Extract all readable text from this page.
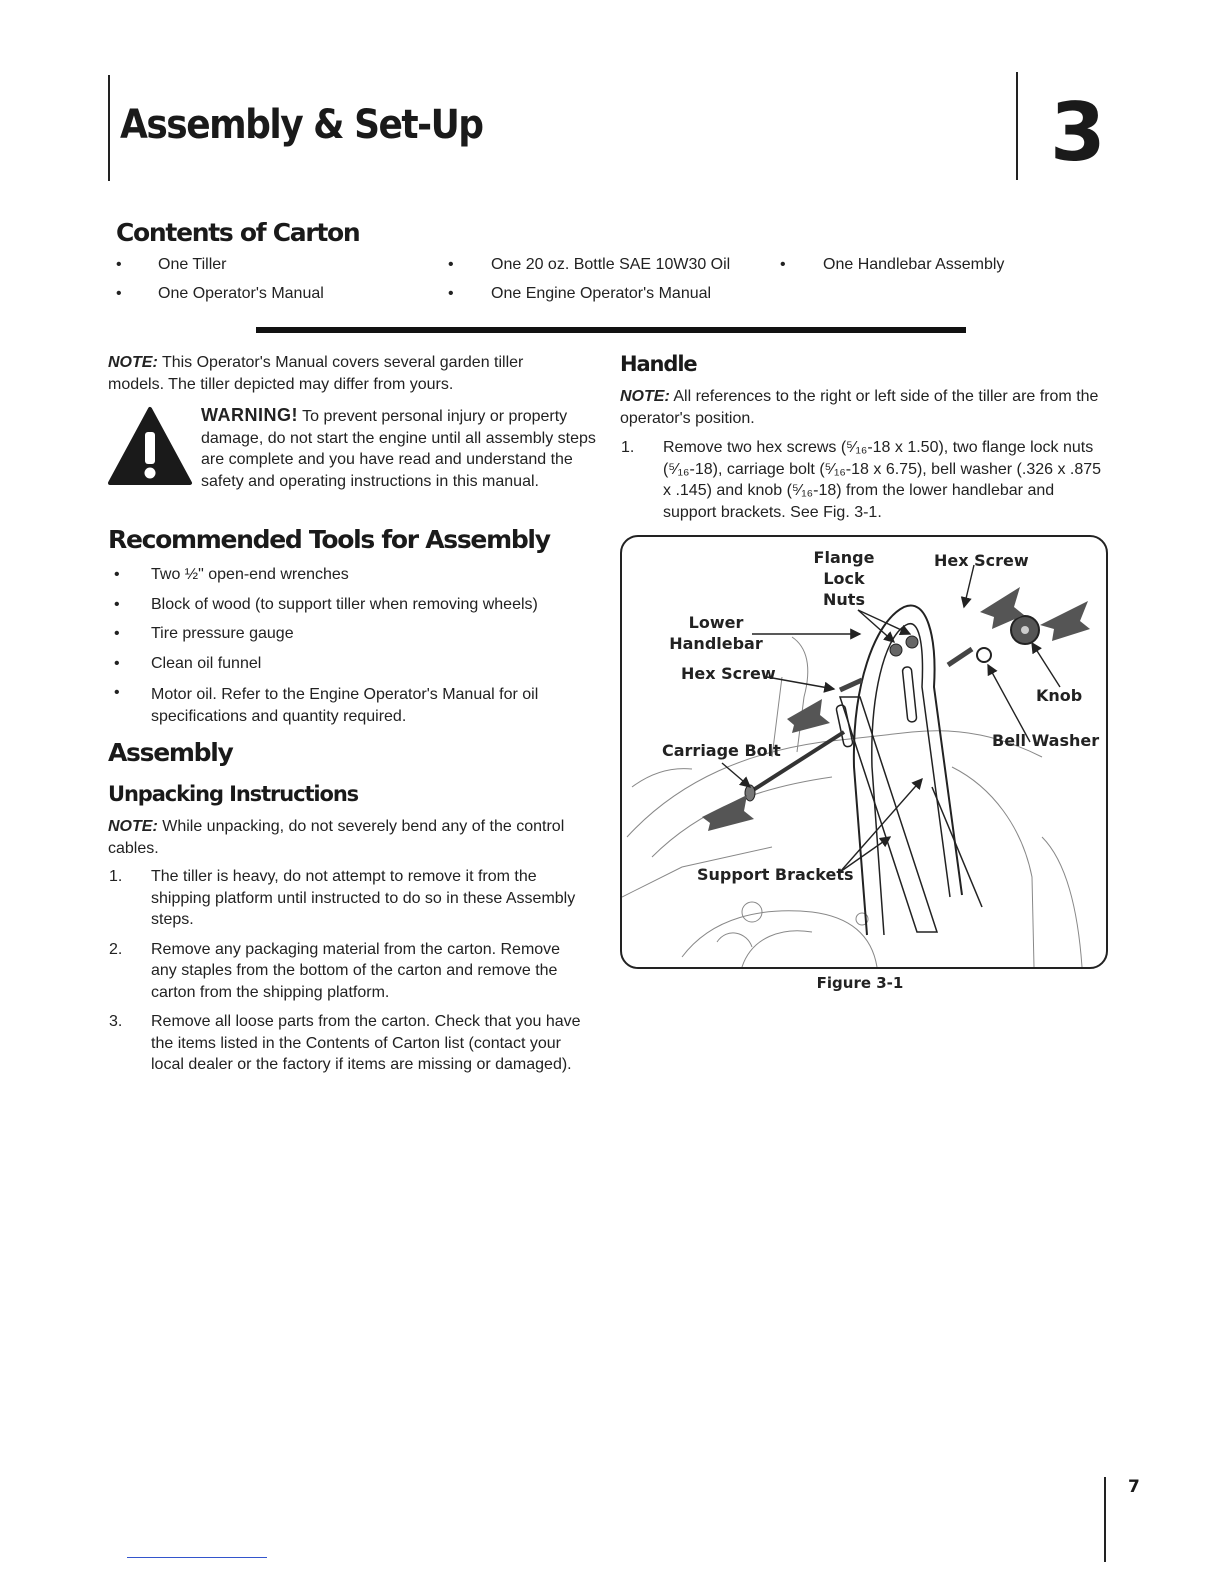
Assembly & Set-Up	3
Contents of Carton
• One Tiller
• One Operator's Manual
• One 20 oz. Bottle SAE 10W30 Oil
• One Engine Operator's Manual
• One Handlebar Assembly
NOTE: This Operator's Manual covers several garden tiller models. The tiller depicted may differ from yours.
WARNING! To prevent personal injury or property damage, do not start the engine until all assembly steps are complete and you have read and understand the safety and operating instructions in this manual.
Recommended Tools for Assembly
• Two ½" open-end wrenches
• Block of wood (to support tiller when removing wheels)
• Tire pressure gauge
• Clean oil funnel
• Motor oil. Refer to the Engine Operator's Manual for oil specifications and quantity required.
Assembly
Unpacking Instructions
NOTE: While unpacking, do not severely bend any of the control cables.
1. The tiller is heavy, do not attempt to remove it from the shipping platform until instructed to do so in these Assembly steps.
2. Remove any packaging material from the carton. Remove any staples from the bottom of the carton and remove the carton from the shipping platform.
3. Remove all loose parts from the carton. Check that you have the items listed in the Contents of Carton list (contact your local dealer or the factory if items are missing or damaged).
Handle
NOTE: All references to the right or left side of the tiller are from the operator's position.
1.	Remove two hex screws (⁵⁄₁₆-18 x 1.50), two flange lock nuts (⁵⁄₁₆-18), carriage bolt (⁵⁄₁₆-18 x 6.75), bell washer (.326 x .875 x .145) and knob (⁵⁄₁₆-18) from the lower handlebar and support brackets. See Fig. 3-1.
Flange
Lock
Nuts
Hex Screw
Lower
Handlebar
Hex Screw
Knob
Carriage Bolt
Bell Washer
Support Brackets
Figure 3-1
7
